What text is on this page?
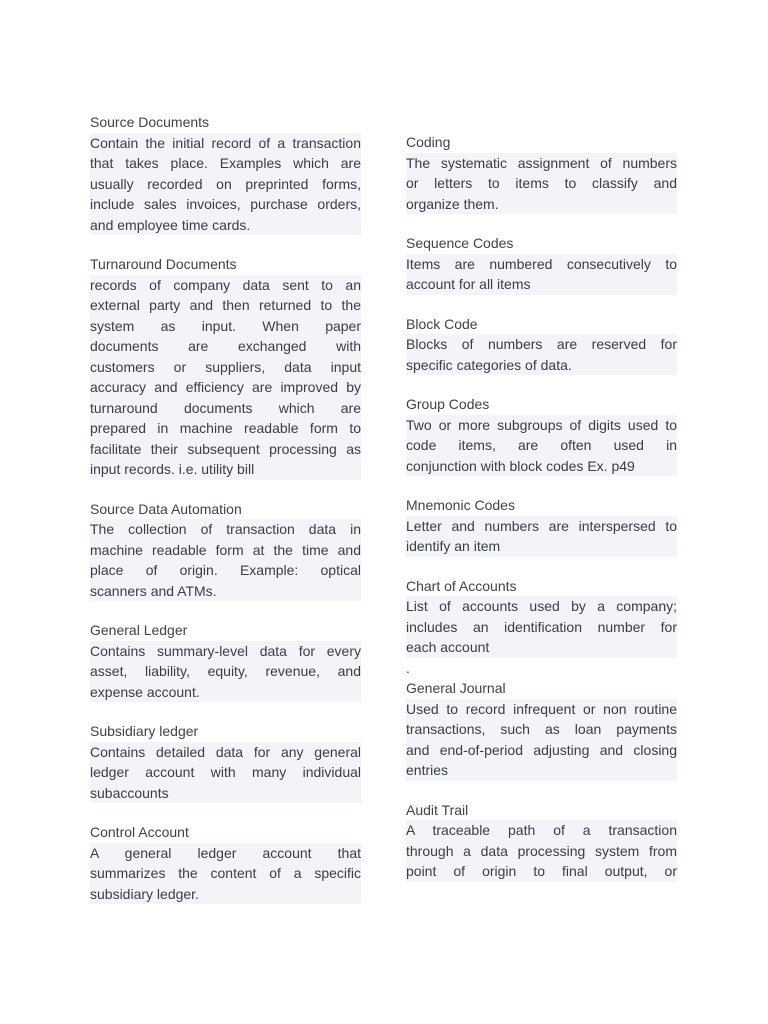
Source Documents
Contain the initial record of a transaction
that takes place. Examples which are
usually recorded on preprinted forms,
include sales invoices, purchase orders,
and employee time cards.
Turnaround Documents
records of company data sent to an
external party and then returned to the
system as input. When paper
documents are exchanged with
customers or suppliers, data input
accuracy and efficiency are improved by
turnaround documents which are
prepared in machine readable form to
facilitate their subsequent processing as
input records. i.e. utility bill
Source Data Automation
The collection of transaction data in
machine readable form at the time and
place of origin. Example: optical
scanners and ATMs.
General Ledger
Contains summary-level data for every
asset, liability, equity, revenue, and
expense account.
Subsidiary ledger
Contains detailed data for any general
ledger account with many individual
subaccounts
Control Account
A general ledger account that
summarizes the content of a specific
subsidiary ledger.
Coding
The systematic assignment of numbers
or letters to items to classify and
organize them.
Sequence Codes
Items are numbered consecutively to
account for all items
Block Code
Blocks of numbers are reserved for
specific categories of data.
Group Codes
Two or more subgroups of digits used to
code items, are often used in
conjunction with block codes Ex. p49
Mnemonic Codes
Letter and numbers are interspersed to
identify an item
Chart of Accounts
List of accounts used by a company;
includes an identification number for
each account
.
General Journal
Used to record infrequent or non routine
transactions, such as loan payments
and end-of-period adjusting and closing
entries
Audit Trail
A traceable path of a transaction
through a data processing system from
point of origin to final output, or
